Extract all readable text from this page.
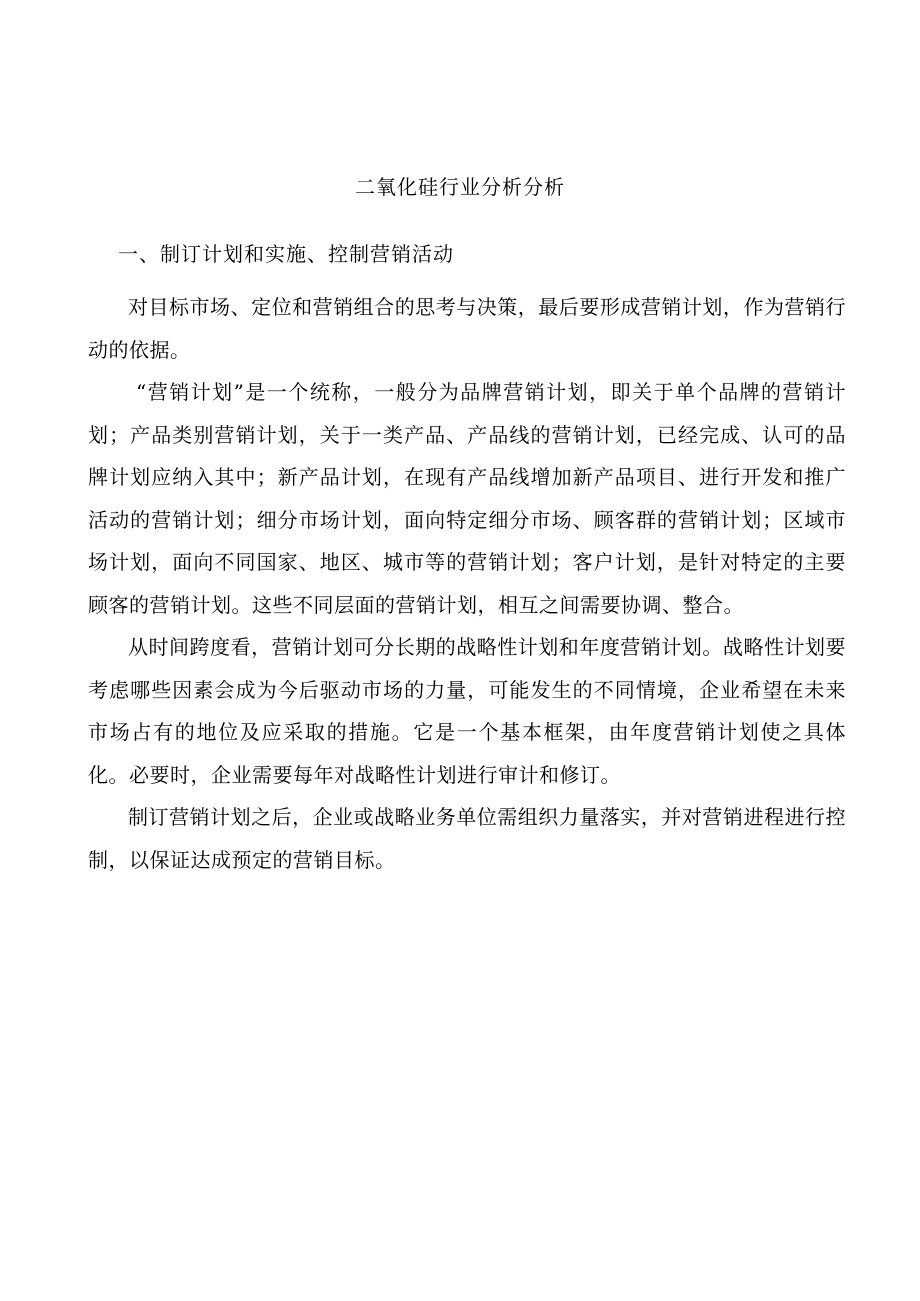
二氧化硅行业分析分析
一、制订计划和实施、控制营销活动

对目标市场、定位和营销组合的思考与决策，最后要形成营销计划，作为营销行动的依据。

“营销计划”是一个统称，一般分为品牌营销计划，即关于单个品牌的营销计划；产品类别营销计划，关于一类产品、产品线的营销计划，已经完成、认可的品牌计划应纳入其中；新产品计划，在现有产品线增加新产品项目、进行开发和推广活动的营销计划；细分市场计划，面向特定细分市场、顾客群的营销计划；区域市场计划，面向不同国家、地区、城市等的营销计划；客户计划，是针对特定的主要顾客的营销计划。这些不同层面的营销计划，相互之间需要协调、整合。

从时间跨度看，营销计划可分长期的战略性计划和年度营销计划。战略性计划要考虑哪些因素会成为今后驱动市场的力量，可能发生的不同情境，企业希望在未来市场占有的地位及应采取的措施。它是一个基本框架，由年度营销计划使之具体化。必要时，企业需要每年对战略性计划进行审计和修订。

制订营销计划之后，企业或战略业务单位需组织力量落实，并对营销进程进行控制，以保证达成预定的营销目标。
